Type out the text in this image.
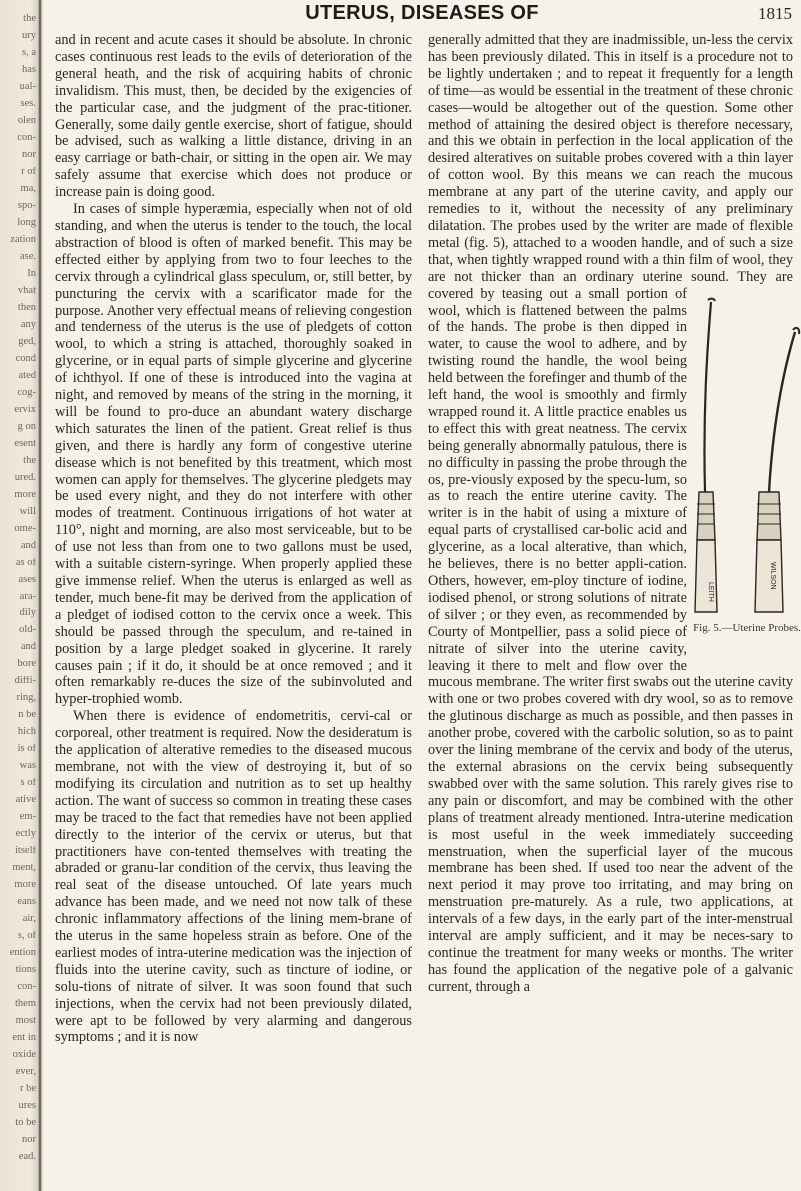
the
ury
s, a
has
ual-
ses.
olen
con-
nor
r of
ma,
spo-
long
zation
ase.
In
vhat
then
any
ged,
cond
ated
cog-
ervix
g on
esent
the
ured.
more
will
ome-
and
as of
ases
ara-
dily
old-
and
bore
diffi-
ring,
n be
hich
is of
was
s of
ative
em-
ectly
itself
ment,
more
eans
air,
s, of
ention
tions
con-
them
most
ent in
oxide
ever,
r be
ures
to be
nor
ead.
UTERUS, DISEASES OF	1815

and in recent and acute cases it should be absolute. In chronic cases continuous rest leads to the evils of deterioration of the general heath, and the risk of acquiring habits of chronic invalidism. This must, then, be decided by the exigencies of the particular case, and the judgment of the prac-titioner. Generally, some daily gentle exercise, short of fatigue, should be advised, such as walking a little distance, driving in an easy carriage or bath-chair, or sitting in the open air. We may safely assume that exercise which does not produce or increase pain is doing good.

In cases of simple hyperæmia, especially when not of old standing, and when the uterus is tender to the touch, the local abstraction of blood is often of marked benefit. This may be effected either by applying from two to four leeches to the cervix through a cylindrical glass speculum, or, still better, by puncturing the cervix with a scarificator made for the purpose. Another very effectual means of relieving congestion and tenderness of the uterus is the use of pledgets of cotton wool, to which a string is attached, thoroughly soaked in glycerine, or in equal parts of simple glycerine and glycerine of ichthyol. If one of these is introduced into the vagina at night, and removed by means of the string in the morning, it will be found to pro-duce an abundant watery discharge which saturates the linen of the patient. Great relief is thus given, and there is hardly any form of congestive uterine disease which is not benefited by this treatment, which most women can apply for themselves. The glycerine pledgets may be used every night, and they do not interfere with other modes of treatment. Continuous irrigations of hot water at 110°, night and morning, are also most serviceable, but to be of use not less than from one to two gallons must be used, with a suitable cistern-syringe. When properly applied these give immense relief. When the uterus is enlarged as well as tender, much bene-fit may be derived from the application of a pledget of iodised cotton to the cervix once a week. This should be passed through the speculum, and re-tained in position by a large pledget soaked in glycerine. It rarely causes pain ; if it do, it should be at once removed ; and it often remarkably re-duces the size of the subinvoluted and hyper-trophied womb.

When there is evidence of endometritis, cervi-cal or corporeal, other treatment is required. Now the desideratum is the application of alterative remedies to the diseased mucous membrane, not with the view of destroying it, but of so modifying its circulation and nutrition as to set up healthy action. The want of success so common in treating these cases may be traced to the fact that remedies have not been applied directly to the interior of the cervix or uterus, but that practitioners have con-tented themselves with treating the abraded or granu-lar condition of the cervix, thus leaving the real seat of the disease untouched. Of late years much advance has been made, and we need not now talk of these chronic inflammatory affections of the lining mem-brane of the uterus in the same hopeless strain as before. One of the earliest modes of intra-uterine medication was the injection of fluids into the uterine cavity, such as tincture of iodine, or solu-tions of nitrate of silver. It was soon found that such injections, when the cervix had not been previously dilated, were apt to be followed by very alarming and dangerous symptoms ; and it is now

generally admitted that they are inadmissible, un-less the cervix has been previously dilated. This in itself is a procedure not to be lightly undertaken ; and to repeat it frequently for a length of time—as would be essential in the treatment of these chronic cases—would be altogether out of the question. Some other method of attaining the desired object is therefore necessary, and this we obtain in perfection in the local application of the desired alteratives on suitable probes covered with a thin layer of cotton wool. By this means we can reach the mucous membrane at any part of the uterine cavity, and apply our remedies to it, without the necessity of any preliminary dilatation. The probes used by the writer are made of flexible metal (fig. 5), attached to a wooden handle, and of such a size that, when tightly wrapped round with a thin film of wool, they are not thicker than an ordinary uterine sound. They are covered by teasing out a
LEITH
WILSON
Fig. 5.—Uterine Probes.
small portion of wool, which is flattened between the palms of the hands. The probe is then dipped in water, to cause the wool to adhere, and by twisting round the handle, the wool being held between the forefinger and thumb of the left hand, the wool is smoothly and firmly wrapped round it. A little practice enables us to effect this with great neatness. The cervix being generally abnormally patulous, there is no difficulty in passing the probe through the os, pre-viously exposed by the specu-lum, so as to reach the entire uterine cavity. The writer is in the habit of using a mixture of equal parts of crystallised car-bolic acid and glycerine, as a local alterative, than which, he believes, there is no better appli-cation. Others, however, em-ploy tincture of iodine, iodised phenol, or strong solutions of nitrate of silver ; or they even, as recommended by Courty of Montpellier, pass a solid piece of nitrate of silver into the uterine cavity, leaving it there to melt and flow over the mucous membrane. The writer first swabs out the uterine cavity with one or two probes covered with dry wool, so as to remove the glutinous discharge as much as possible, and then passes in another probe, covered with the carbolic solution, so as to paint over the lining membrane of the cervix and body of the uterus, the external abrasions on the cervix being subsequently swabbed over with the same solution. This rarely gives rise to any pain or discomfort, and may be combined with the other plans of treatment already mentioned. Intra-uterine medication is most useful in the week immediately succeeding menstruation, when the superficial layer of the mucous membrane has been shed. If used too near the advent of the next period it may prove too irritating, and may bring on menstruation pre-maturely. As a rule, two applications, at intervals of a few days, in the early part of the inter-menstrual interval are amply sufficient, and it may be neces-sary to continue the treatment for many weeks or months. The writer has found the application of the negative pole of a galvanic current, through a
